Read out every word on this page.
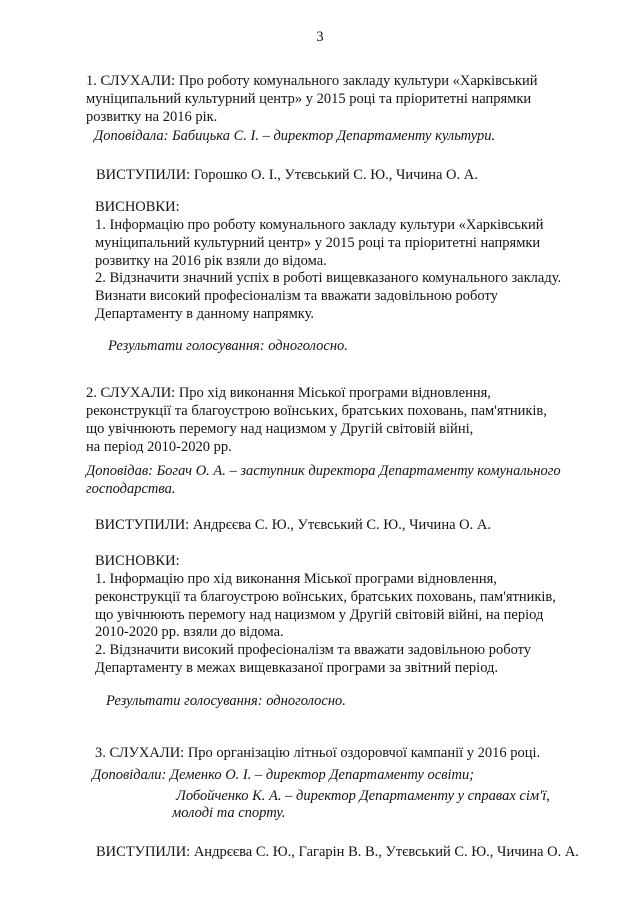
3
1. СЛУХАЛИ: Про роботу комунального закладу культури «Харківський
муніципальний культурний центр» у 2015 році та пріоритетні напрямки
розвитку на 2016 рік.
Доповідала: Бабицька С. І. – директор Департаменту культури.
ВИСТУПИЛИ: Горошко О. І., Утєвський С. Ю., Чичина О. А.
ВИСНОВКИ:
1. Інформацію про роботу комунального закладу культури «Харківський
муніципальний культурний центр» у 2015 році та пріоритетні напрямки
розвитку на 2016 рік взяли до відома.
2. Відзначити значний успіх в роботі вищевказаного комунального закладу.
Визнати високий професіоналізм та вважати задовільною роботу
Департаменту в данному напрямку.
Результати голосування: одноголосно.
2. СЛУХАЛИ: Про хід виконання Міської програми відновлення,
реконструкції та благоустрою воїнських, братських поховань, пам'ятників,
що увічнюють перемогу над нацизмом у Другій світовій війні,
на період 2010-2020 рр.
Доповідав: Богач О. А. – заступник директора Департаменту комунального
господарства.
ВИСТУПИЛИ: Андрєєва С. Ю., Утєвський С. Ю., Чичина О. А.
ВИСНОВКИ:
1. Інформацію про хід виконання Міської програми відновлення,
реконструкції та благоустрою воїнських, братських поховань, пам'ятників,
що увічнюють перемогу над нацизмом у Другій світовій війні, на період
2010-2020 рр. взяли до відома.
2. Відзначити високий професіоналізм та вважати задовільною роботу
Департаменту в межах вищевказаної програми за звітний період.
Результати голосування: одноголосно.
3. СЛУХАЛИ: Про організацію літньої оздоровчої кампанії у 2016 році.
Доповідали: Деменко О. І. – директор Департаменту освіти;
Лобойченко К. А. – директор Департаменту у справах сім'ї,
молоді та спорту.
ВИСТУПИЛИ: Андрєєва С. Ю., Гагарін В. В., Утєвський С. Ю., Чичина О. А.
